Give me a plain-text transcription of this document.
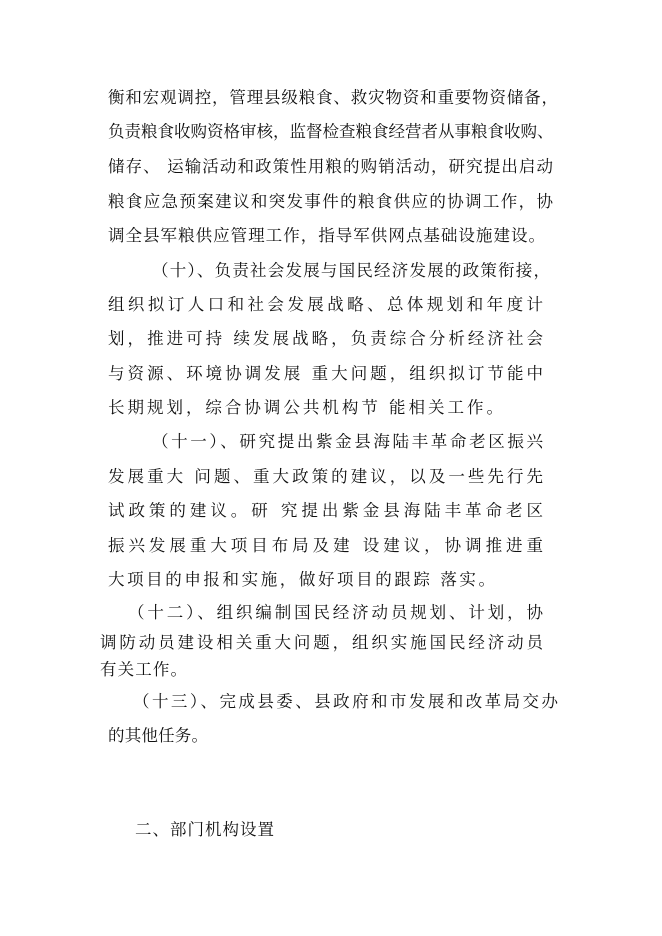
衡和宏观调控，管理县级粮食、救灾物资和重要物资储备，
负责粮食收购资格审核，监督检查粮食经营者从事粮食收购、
储存、 运输活动和政策性用粮的购销活动，研究提出启动
粮食应急预案建议和突发事件的粮食供应的协调工作，协
调全县军粮供应管理工作，指导军供网点基础设施建设。
（十）、负责社会发展与国民经济发展的政策衔接，
组织拟订人口和社会发展战略、总体规划和年度计
划，推进可持 续发展战略，负责综合分析经济社会
与资源、环境协调发展 重大问题，组织拟订节能中
长期规划，综合协调公共机构节 能相关工作。
（十一）、研究提出紫金县海陆丰革命老区振兴
发展重大 问题、重大政策的建议，以及一些先行先
试政策的建议。研 究提出紫金县海陆丰革命老区
振兴发展重大项目布局及建 设建议，协调推进重
大项目的申报和实施，做好项目的跟踪 落实。
（十二）、组织编制国民经济动员规划、计划，协
调防动员建设相关重大问题，组织实施国民经济动员
有关工作。
（十三）、完成县委、县政府和市发展和改革局交办
的其他任务。
二、部门机构设置
